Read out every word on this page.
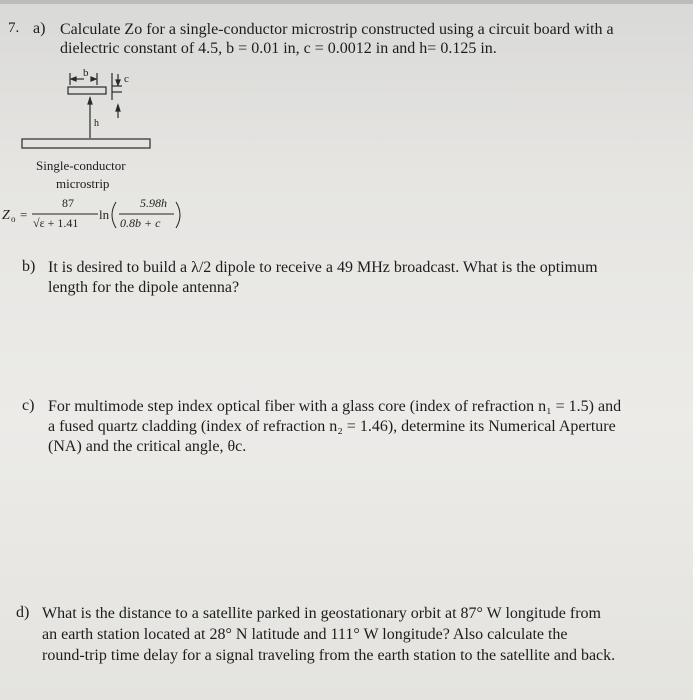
7. a) Calculate Zo for a single-conductor microstrip constructed using a circuit board with a
dielectric constant of 4.5, b = 0.01 in, c = 0.0012 in and h= 0.125 in.
b	c
h
Single-conductor
microstrip
Z o =
87
√ε + 1.41
ln
5.98h
0.8b + c
b) It is desired to build a λ/2 dipole to receive a 49 MHz broadcast. What is the optimum
length for the dipole antenna?
c) For multimode step index optical fiber with a glass core (index of refraction n₁ = 1.5) and
a fused quartz cladding (index of refraction n₂ = 1.46), determine its Numerical Aperture
(NA) and the critical angle, θc.
d) What is the distance to a satellite parked in geostationary orbit at 87° W longitude from
an earth station located at 28° N latitude and 111° W longitude? Also calculate the
round-trip time delay for a signal traveling from the earth station to the satellite and back.
